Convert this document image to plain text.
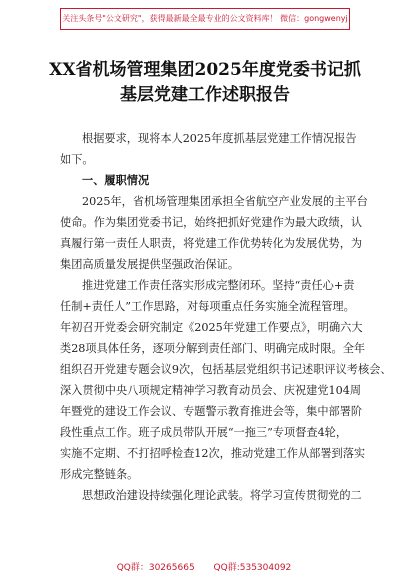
关注头条号"公文研究"，获得最新最全最专业的公文资料库！ 微信：gongwenyj
XX省机场管理集团2025年度党委书记抓
基层党建工作述职报告

根据要求，现将本人2025年度抓基层党建工作情况报告
如下。

一、履职情况

2025年，省机场管理集团承担全省航空产业发展的主平台
使命。作为集团党委书记，始终把抓好党建作为最大政绩，认
真履行第一责任人职责，将党建工作优势转化为发展优势，为
集团高质量发展提供坚强政治保证。

推进党建工作责任落实形成完整闭环。坚持“责任心+责
任制+责任人”工作思路，对每项重点任务实施全流程管理。
年初召开党委会研究制定《2025年党建工作要点》，明确六大
类28项具体任务，逐项分解到责任部门、明确完成时限。全年
组织召开党建专题会议9次，包括基层党组织书记述职评议考核会、
深入贯彻中央八项规定精神学习教育动员会、庆祝建党104周
年暨党的建设工作会议、专题警示教育推进会等，集中部署阶
段性重点工作。班子成员带队开展“一拖三”专项督查4轮，
实施不定期、不打招呼检查12次，推动党建工作从部署到落实
形成完整链条。

思想政治建设持续强化理论武装。将学习宣传贯彻党的二

QQ群：30265665 QQ群:535304092
